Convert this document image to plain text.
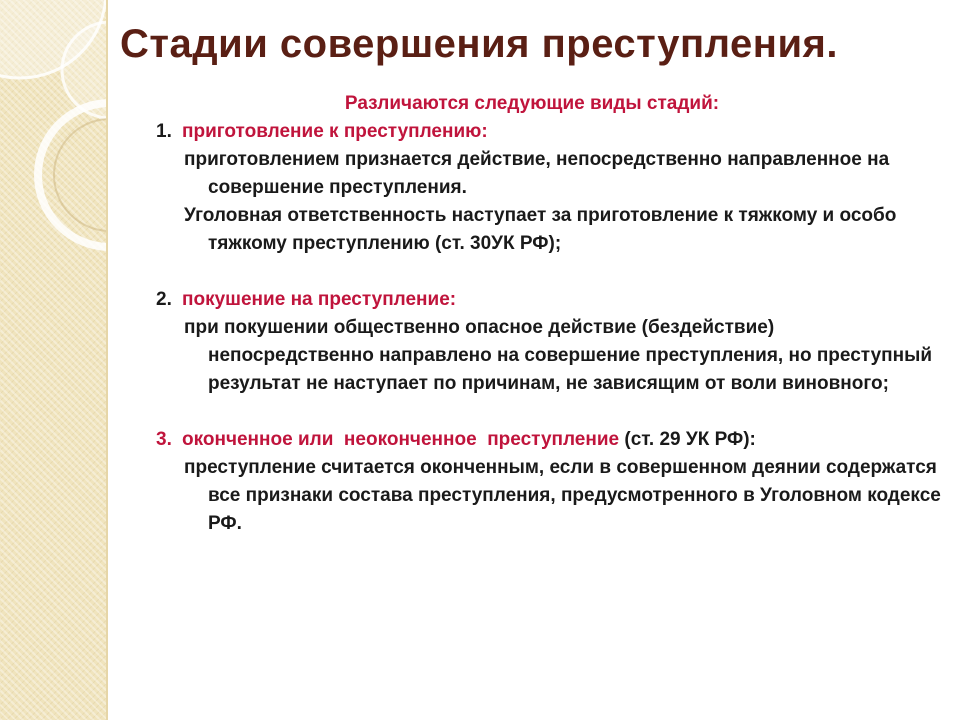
Стадии совершения преступления.
Различаются следующие виды стадий:
1. приготовление к преступлению:
приготовлением признается действие, непосредственно направленное на совершение преступления.
Уголовная ответственность наступает за приготовление к тяжкому и особо тяжкому преступлению (ст. 30УК РФ);
2. покушение на преступление:
при покушении общественно опасное действие (бездействие) непосредственно направлено на совершение преступления, но преступный результат не наступает по причинам, не зависящим от воли виновного;
3. оконченное или  неоконченное  преступление (ст. 29 УК РФ):
преступление считается оконченным, если в совершенном деянии содержатся все признаки состава преступления, предусмотренного в Уголовном кодексе РФ.
